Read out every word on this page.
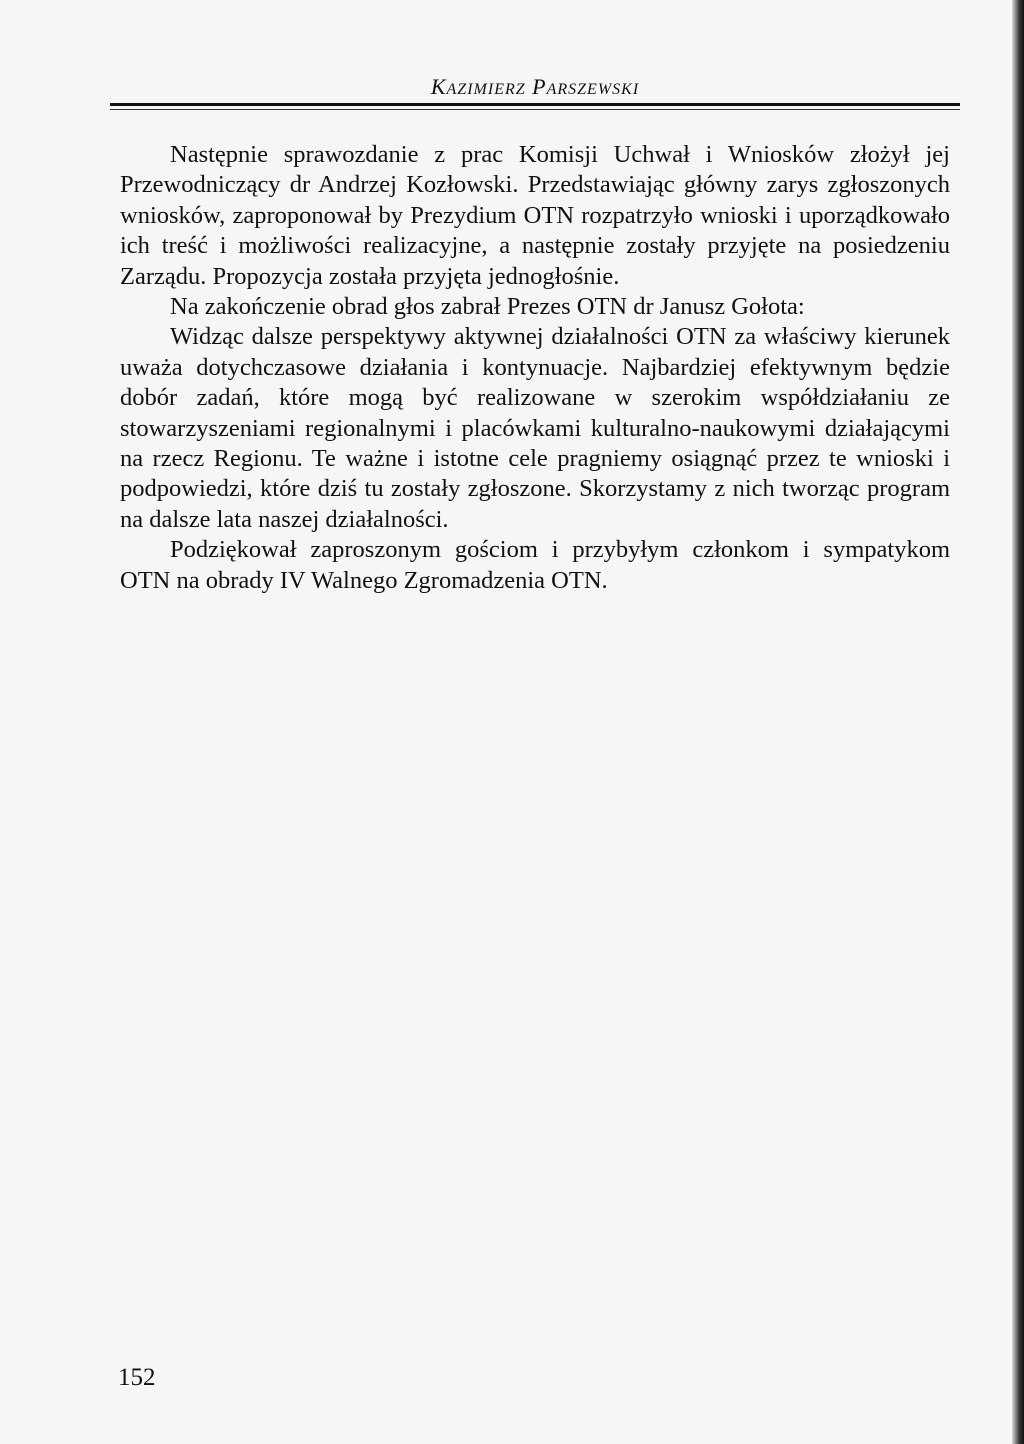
KAZIMIERZ PARSZEWSKI

Następnie sprawozdanie z prac Komisji Uchwał i Wniosków złożył jej Przewodniczący dr Andrzej Kozłowski. Przedstawiając główny zarys zgłoszonych wniosków, zaproponował by Prezydium OTN rozpatrzyło wnioski i uporządkowało ich treść i możliwości realizacyjne, a następnie zostały przyjęte na posiedzeniu Zarządu. Propozycja została przyjęta jednogłośnie.

Na zakończenie obrad głos zabrał Prezes OTN dr Janusz Gołota:

Widząc dalsze perspektywy aktywnej działalności OTN za właściwy kierunek uważa dotychczasowe działania i kontynuacje. Najbardziej efektywnym będzie dobór zadań, które mogą być realizowane w szerokim współdziałaniu ze stowarzyszeniami regionalnymi i placówkami kulturalno-naukowymi działającymi na rzecz Regionu. Te ważne i istotne cele pragniemy osiągnąć przez te wnioski i podpowiedzi, które dziś tu zostały zgłoszone. Skorzystamy z nich tworząc program na dalsze lata naszej działalności.

Podziękował zaproszonym gościom i przybyłym członkom i sympatykom OTN na obrady IV Walnego Zgromadzenia OTN.

152
